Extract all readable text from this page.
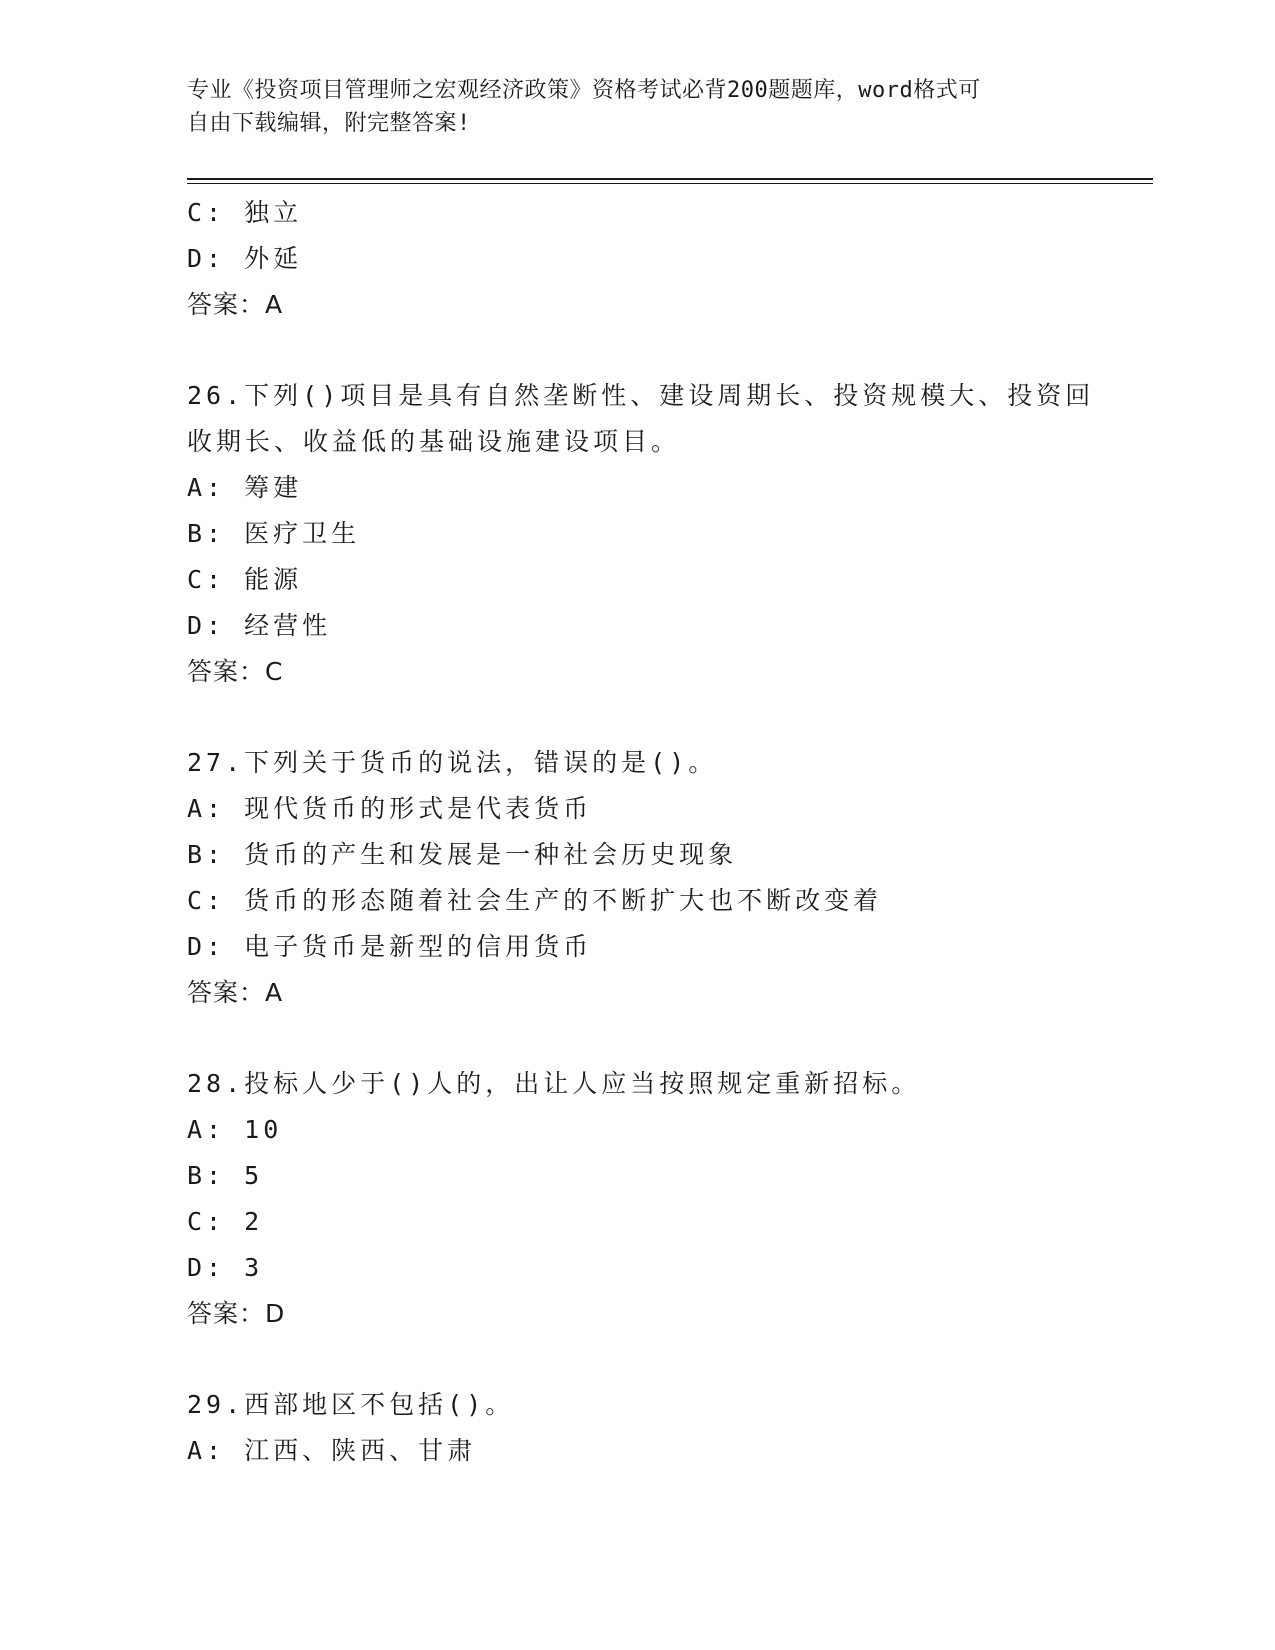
专业《投资项目管理师之宏观经济政策》资格考试必背200题题库，word格式可
自由下载编辑，附完整答案!
C: 独立
D: 外延
答案：A
26.下列()项目是具有自然垄断性、建设周期长、投资规模大、投资回
收期长、收益低的基础设施建设项目。
A: 筹建
B: 医疗卫生
C: 能源
D: 经营性
答案：C
27.下列关于货币的说法，错误的是()。
A: 现代货币的形式是代表货币
B: 货币的产生和发展是一种社会历史现象
C: 货币的形态随着社会生产的不断扩大也不断改变着
D: 电子货币是新型的信用货币
答案：A
28.投标人少于()人的，出让人应当按照规定重新招标。
A: 10
B: 5
C: 2
D: 3
答案：D
29.西部地区不包括()。
A: 江西、陕西、甘肃
